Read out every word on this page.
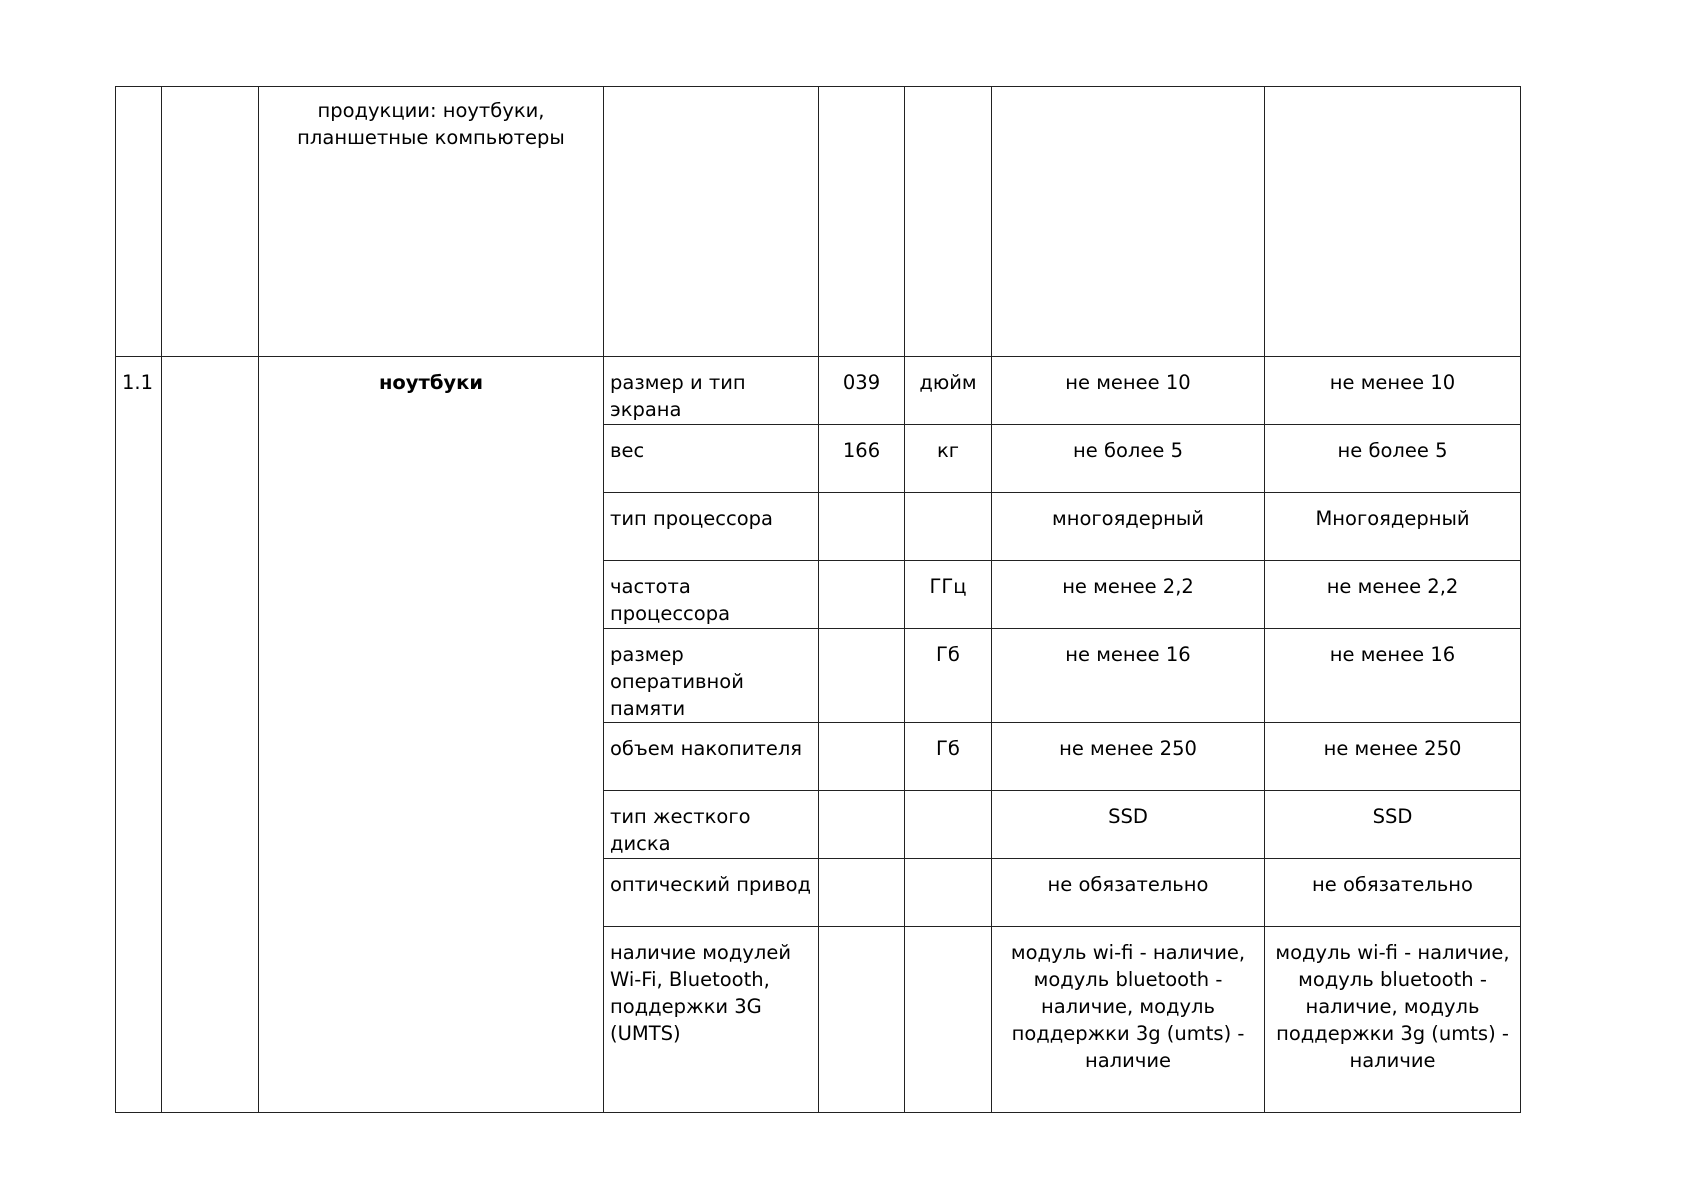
		продукции: ноутбуки,
планшетные компьютеры					

1.1		ноутбуки	размер и тип экрана	039	дюйм	не менее 10	не менее 10
			вес	166	кг	не более 5	не более 5
			тип процессора			многоядерный	Многоядерный
			частота процессора		ГГц	не менее 2,2	не менее 2,2
			размер оперативной памяти		Гб	не менее 16	не менее 16
			объем накопителя		Гб	не менее 250	не менее 250
			тип жесткого диска			SSD	SSD
			оптический привод			не обязательно	не обязательно
			наличие модулей Wi-Fi, Bluetooth, поддержки 3G (UMTS)			модуль wi-fi - наличие, модуль bluetooth - наличие, модуль поддержки 3g (umts) - наличие	модуль wi-fi - наличие, модуль bluetooth - наличие, модуль поддержки 3g (umts) - наличие
